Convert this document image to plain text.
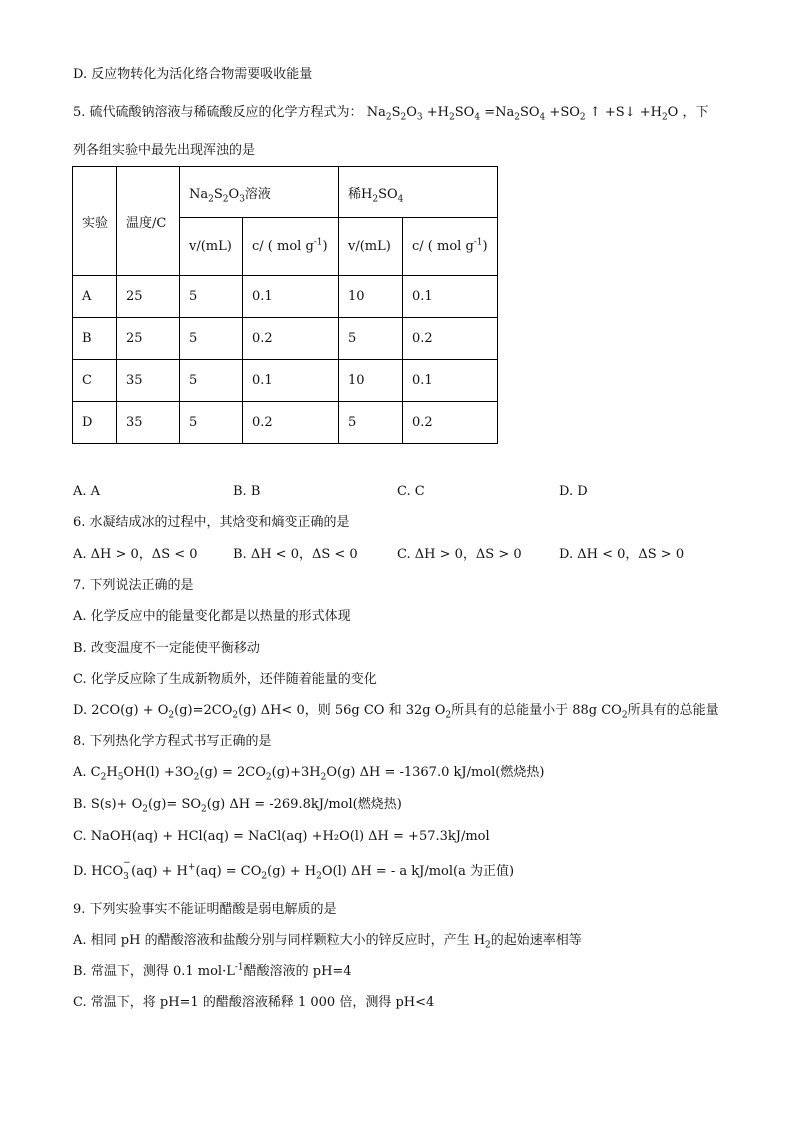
D. 反应物转化为活化络合物需要吸收能量
5. 硫代硫酸钠溶液与稀硫酸反应的化学方程式为： $Na_2S_2O_3 +H_2SO_4 =Na_2SO_4 +SO_2$ ↑ +S↓ $+H_2O$ ，下
列各组实验中最先出现浑浊的是
实验	温度/C	$Na_2S_2O_3$溶液		稀$H_2SO_4$
		v/(mL)	c/ ( mol $g^{-1}$)	v/(mL)	c/ ( mol $g^{-1}$)
A	25	5	0.1	10	0.1
B	25	5	0.2	5	0.2
C	35	5	0.1	10	0.1
D	35	5	0.2	5	0.2
A. A	B. B	C. C	D. D
6. 水凝结成冰的过程中，其焓变和熵变正确的是
A. ΔH > 0，ΔS < 0	B. ΔH < 0，ΔS < 0	C. ΔH > 0，ΔS > 0	D. ΔH < 0，ΔS > 0
7. 下列说法正确的是
A. 化学反应中的能量变化都是以热量的形式体现
B. 改变温度不一定能使平衡移动
C. 化学反应除了生成新物质外，还伴随着能量的变化
D. $2CO(g) + O_2(g)=2CO_2(g)$ ΔH< 0，则 56g CO 和 32g $O_2$所具有的总能量小于 88g $CO_2$所具有的总能量
8. 下列热化学方程式书写正确的是
A. $C_2H_5OH(l) +3O_2(g) = 2CO_2(g)+3H_2O(g) \Delta H = -1367.0$ kJ/mol(燃烧热)
B. $S(s)+ O_2(g)= SO_2(g) \Delta H = -269.8kJ/mol$(燃烧热)
C. NaOH(aq) + HCl(aq) = NaCl(aq) +H₂O(l) ΔH = +57.3kJ/mol
D. HCO
−
3 $(aq) + H^+(aq) = CO_2(g) + H_2O(l) \Delta H$ = - a kJ/mol(a 为正值)
9. 下列实验事实不能证明醋酸是弱电解质的是
A. 相同 pH 的醋酸溶液和盐酸分别与同样颗粒大小的锌反应时，产生 $H_2$的起始速率相等
B. 常温下，测得 0.1 $mol\cdot L^{-1}$醋酸溶液的 pH=4
C. 常温下，将 pH=1 的醋酸溶液稀释 1 000 倍，测得 pH<4
